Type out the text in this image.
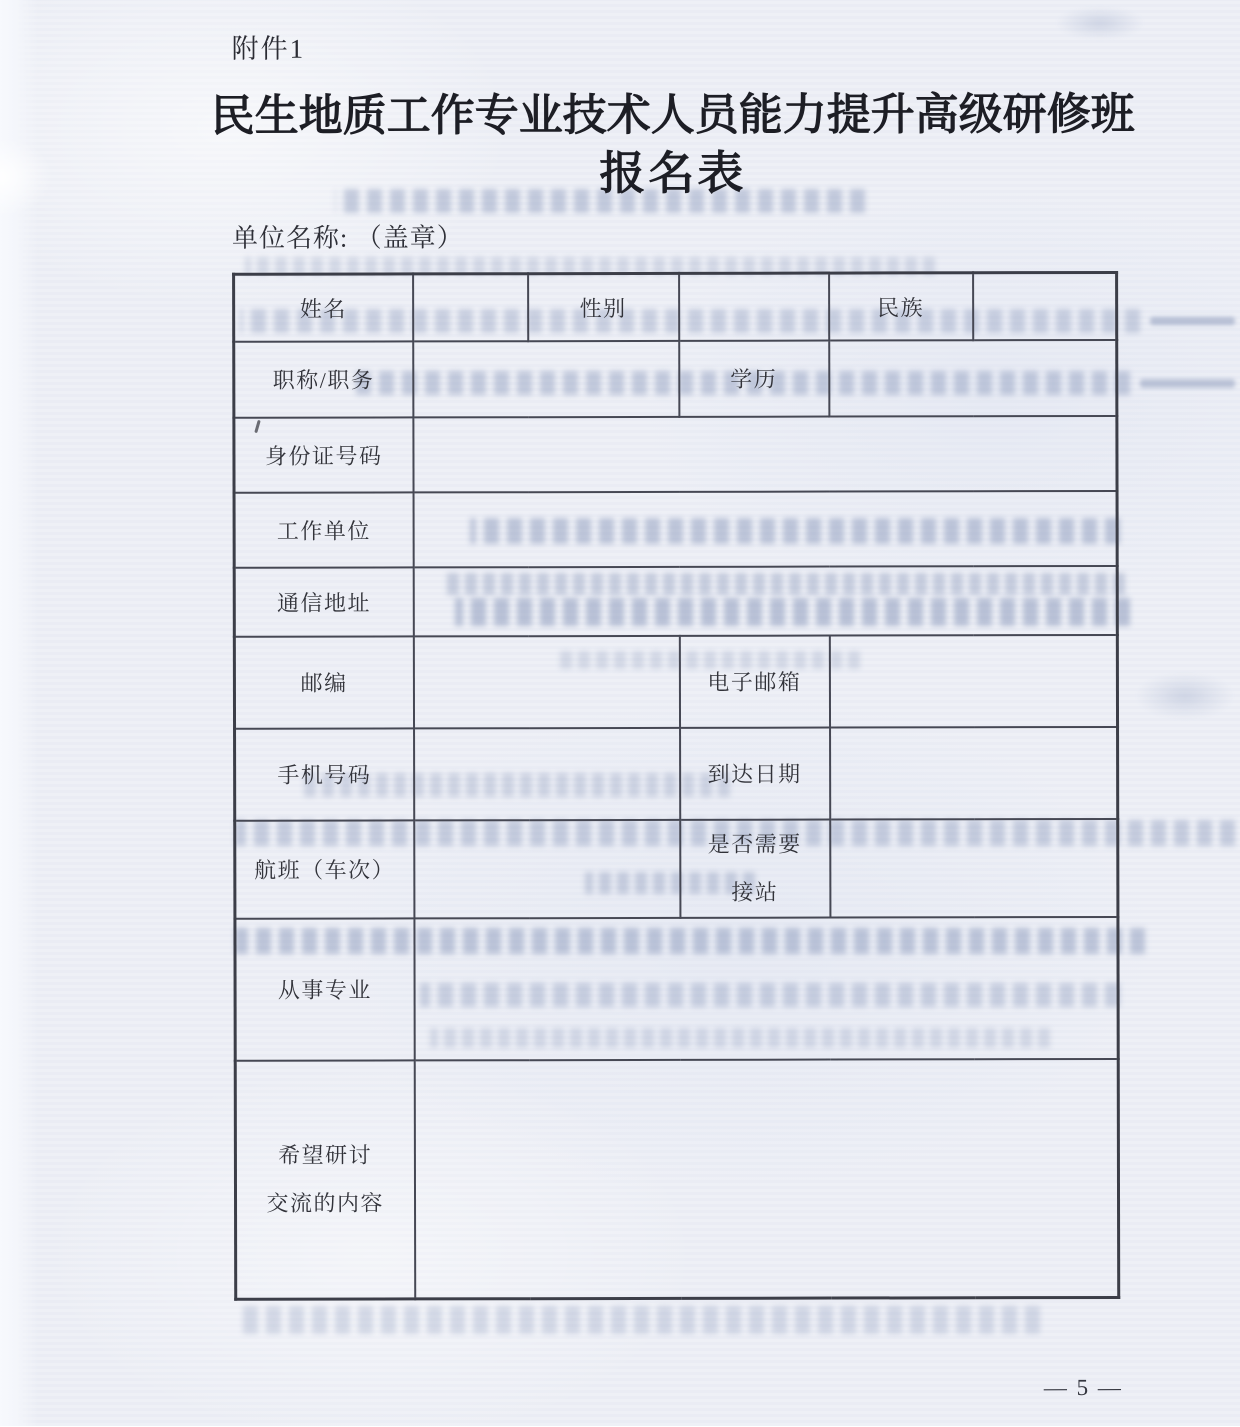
附件1
民生地质工作专业技术人员能力提升高级研修班
报名表
单位名称: （盖章）
姓名		性别		民族	
职称/职务			学历		
身份证号码					
工作单位					
通信地址					
邮编			电子邮箱		
手机号码			到达日期		
航班（车次）			是否需要
接站		

从事专业					

希望研讨
交流的内容					

— 5 —
